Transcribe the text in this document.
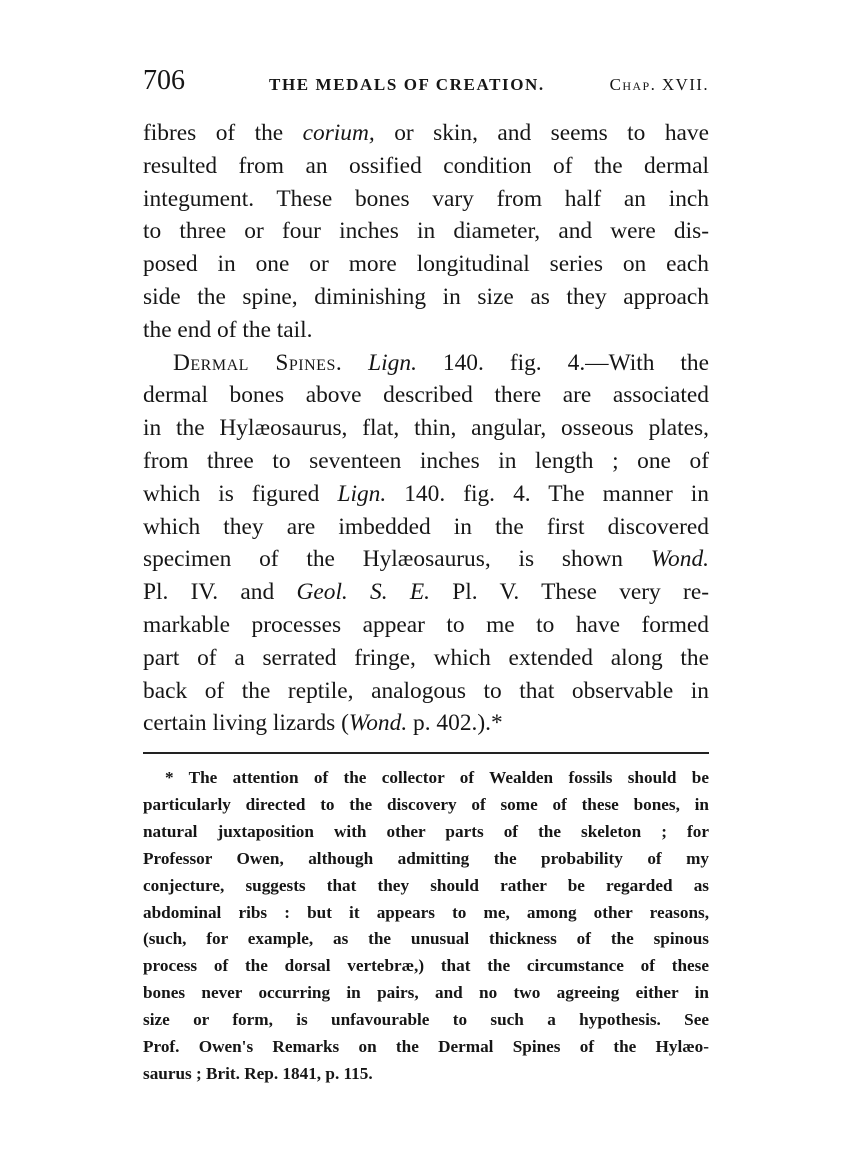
706	THE MEDALS OF CREATION.	Chap. XVII.
fibres of the corium, or skin, and seems to have
resulted from an ossified condition of the dermal
integument. These bones vary from half an inch
to three or four inches in diameter, and were dis-
posed in one or more longitudinal series on each
side the spine, diminishing in size as they approach
the end of the tail.
Dermal Spines. Lign. 140. fig. 4.—With the
dermal bones above described there are associated
in the Hylæosaurus, flat, thin, angular, osseous plates,
from three to seventeen inches in length ; one of
which is figured Lign. 140. fig. 4. The manner in
which they are imbedded in the first discovered
specimen of the Hylæosaurus, is shown Wond.
Pl. IV. and Geol. S. E. Pl. V. These very re-
markable processes appear to me to have formed
part of a serrated fringe, which extended along the
back of the reptile, analogous to that observable in
certain living lizards (Wond. p. 402.).*
* The attention of the collector of Wealden fossils should be
particularly directed to the discovery of some of these bones, in
natural juxtaposition with other parts of the skeleton ; for
Professor Owen, although admitting the probability of my
conjecture, suggests that they should rather be regarded as
abdominal ribs : but it appears to me, among other reasons,
(such, for example, as the unusual thickness of the spinous
process of the dorsal vertebræ,) that the circumstance of these
bones never occurring in pairs, and no two agreeing either in
size or form, is unfavourable to such a hypothesis. See
Prof. Owen's Remarks on the Dermal Spines of the Hylæo-
saurus ; Brit. Rep. 1841, p. 115.
